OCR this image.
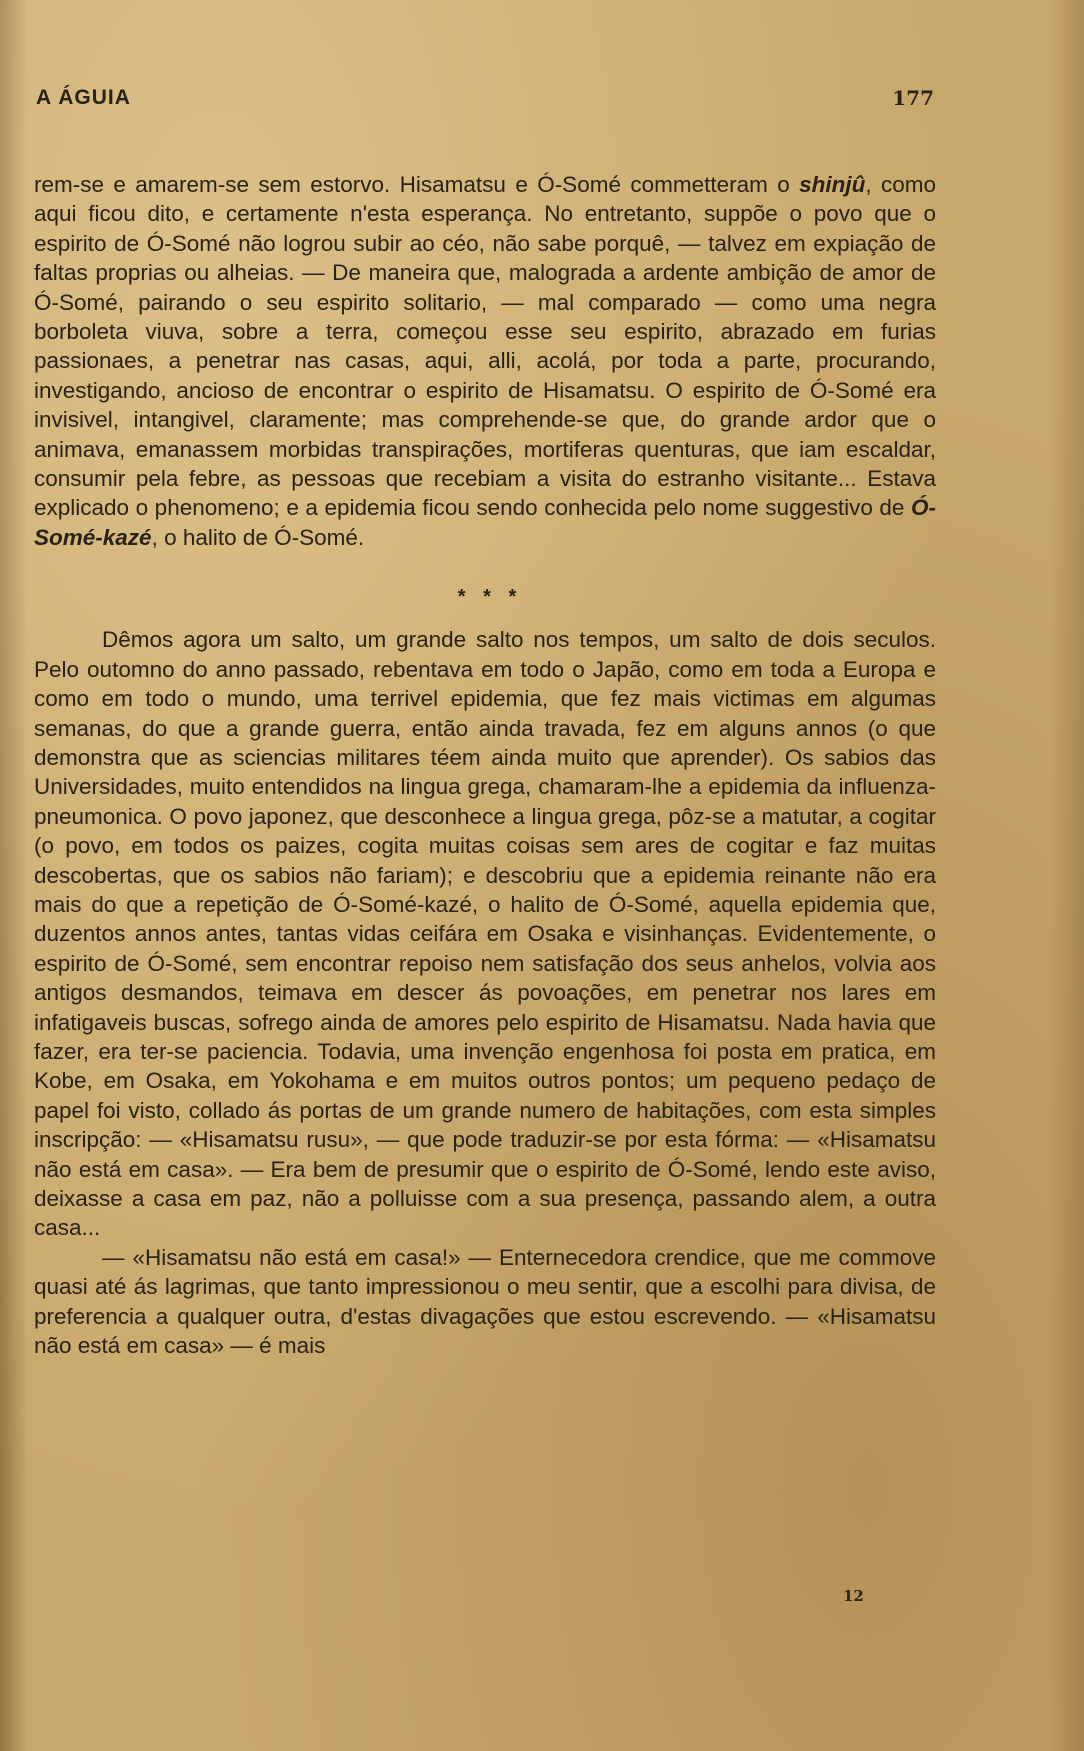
A ÁGUIA	177

rem-se e amarem-se sem estorvo. Hisamatsu e Ó-Somé commetteram o shinjû, como aqui ficou dito, e certamente n'esta esperança. No entretanto, suppõe o povo que o espirito de Ó-Somé não logrou subir ao céo, não sabe porquê, — talvez em expiação de faltas proprias ou alheias. — De maneira que, malograda a ardente ambição de amor de Ó-Somé, pairando o seu espirito solitario, — mal comparado — como uma negra borboleta viuva, sobre a terra, começou esse seu espirito, abrazado em furias passionaes, a penetrar nas casas, aqui, alli, acolá, por toda a parte, procurando, investigando, ancioso de encontrar o espirito de Hisamatsu. O espirito de Ó-Somé era invisivel, intangivel, claramente; mas comprehende-se que, do grande ardor que o animava, emanassem morbidas transpirações, mortiferas quenturas, que iam escaldar, consumir pela febre, as pessoas que recebiam a visita do estranho visitante... Estava explicado o phenomeno; e a epidemia ficou sendo conhecida pelo nome suggestivo de Ó-Somé-kazé, o halito de Ó-Somé.

* * *

Dêmos agora um salto, um grande salto nos tempos, um salto de dois seculos. Pelo outomno do anno passado, rebentava em todo o Japão, como em toda a Europa e como em todo o mundo, uma terrivel epidemia, que fez mais victimas em algumas semanas, do que a grande guerra, então ainda travada, fez em alguns annos (o que demonstra que as sciencias militares téem ainda muito que aprender). Os sabios das Universidades, muito entendidos na lingua grega, chamaram-lhe a epidemia da influenza-pneumonica. O povo japonez, que desconhece a lingua grega, pôz-se a matutar, a cogitar (o povo, em todos os paizes, cogita muitas coisas sem ares de cogitar e faz muitas descobertas, que os sabios não fariam); e descobriu que a epidemia reinante não era mais do que a repetição de Ó-Somé-kazé, o halito de Ó-Somé, aquella epidemia que, duzentos annos antes, tantas vidas ceifára em Osaka e visinhanças. Evidentemente, o espirito de Ó-Somé, sem encontrar repoiso nem satisfação dos seus anhelos, volvia aos antigos desmandos, teimava em descer ás povoações, em penetrar nos lares em infatigaveis buscas, sofrego ainda de amores pelo espirito de Hisamatsu. Nada havia que fazer, era ter-se paciencia. Todavia, uma invenção engenhosa foi posta em pratica, em Kobe, em Osaka, em Yokohama e em muitos outros pontos; um pequeno pedaço de papel foi visto, collado ás portas de um grande numero de habitações, com esta simples inscripção: — «Hisamatsu rusu», — que pode traduzir-se por esta fórma: — «Hisamatsu não está em casa». — Era bem de presumir que o espirito de Ó-Somé, lendo este aviso, deixasse a casa em paz, não a polluisse com a sua presença, passando alem, a outra casa...

— «Hisamatsu não está em casa!» — Enternecedora crendice, que me commove quasi até ás lagrimas, que tanto impressionou o meu sentir, que a escolhi para divisa, de preferencia a qualquer outra, d'estas divagações que estou escrevendo. — «Hisamatsu não está em casa» — é mais

12
